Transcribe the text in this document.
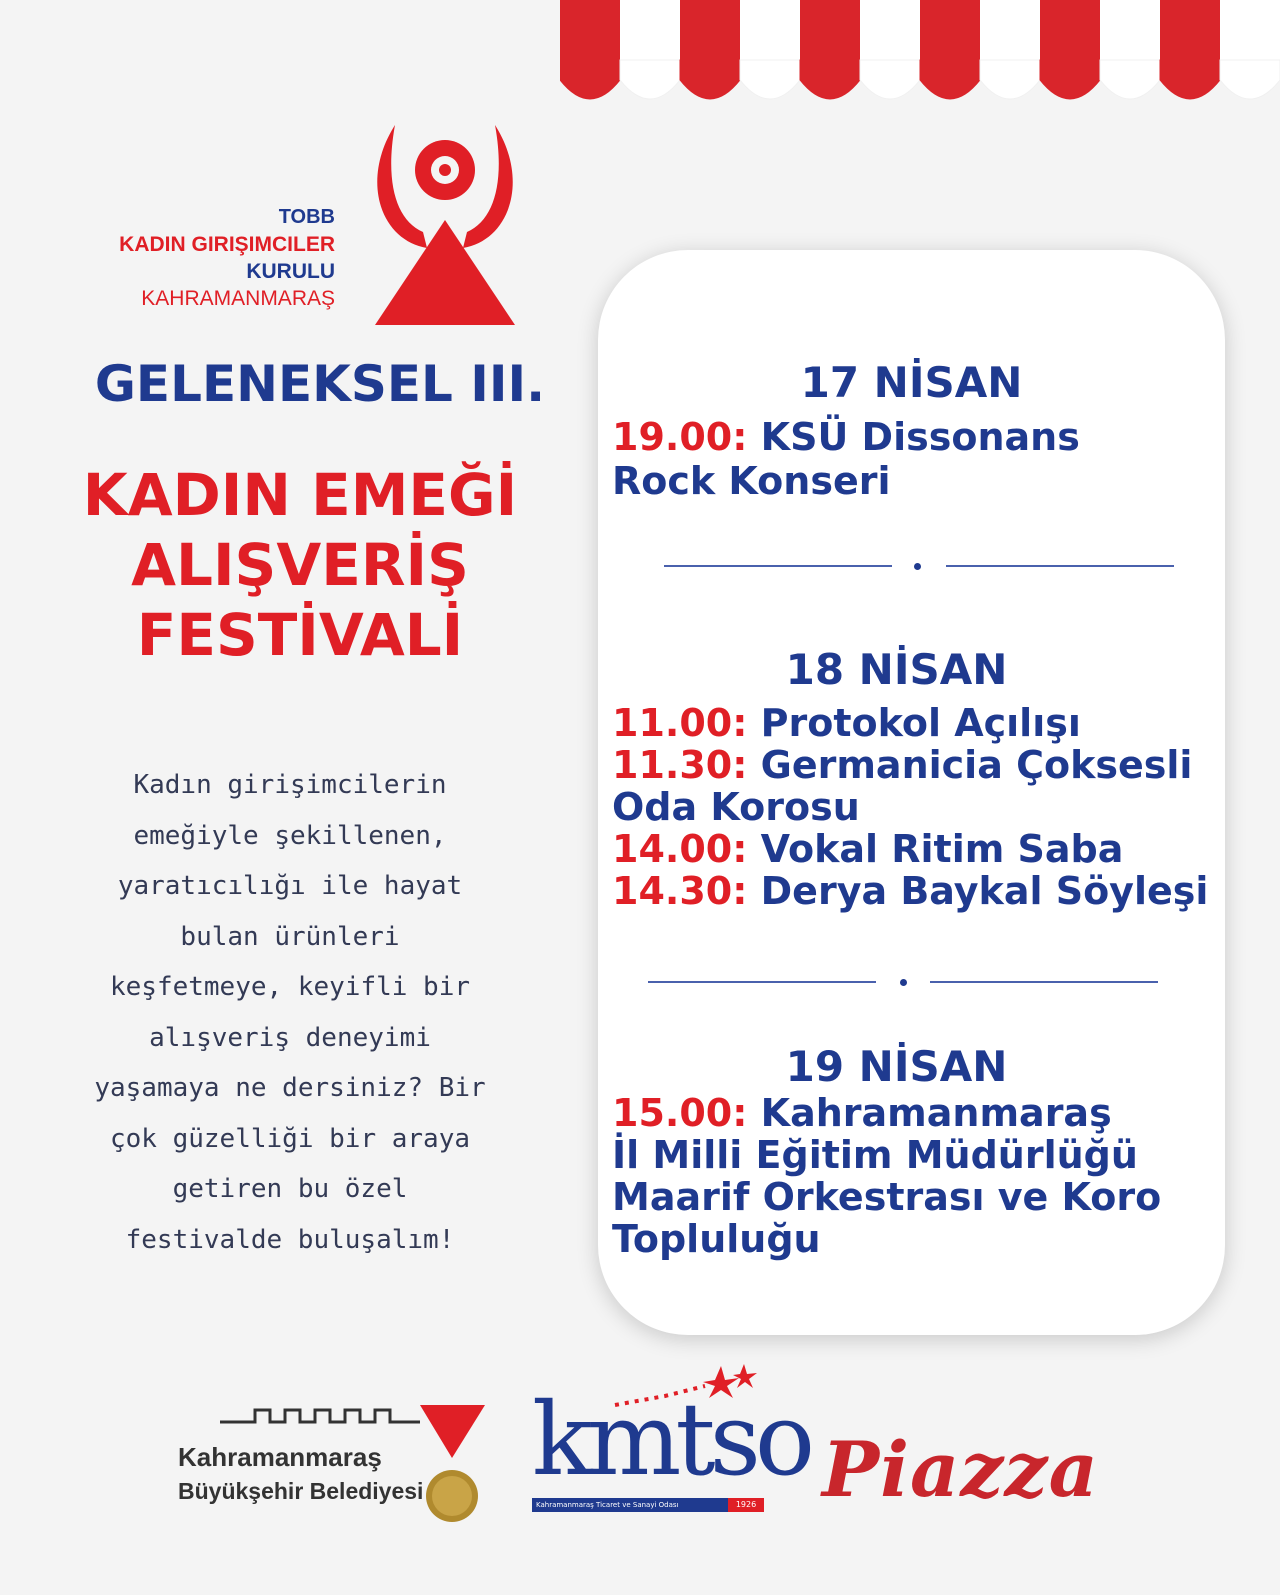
TOBB
KADIN GIRIŞIMCILER
KURULU
KAHRAMANMARAŞ
GELENEKSEL III.
KADIN EMEĞİ
ALIŞVERİŞ
FESTİVALİ
Kadın girişimcilerin
emeğiyle şekillenen,
yaratıcılığı ile hayat
bulan ürünleri
keşfetmeye, keyifli bir
alışveriş deneyimi
yaşamaya ne dersiniz? Bir
çok güzelliği bir araya
getiren bu özel
festivalde buluşalım!
17 NİSAN
19.00: KSÜ Dissonans
Rock Konseri
18 NİSAN
11.00: Protokol Açılışı
11.30: Germanicia Çoksesli
Oda Korosu
14.00: Vokal Ritim Saba
14.30: Derya Baykal Söyleşi
19 NİSAN
15.00: Kahramanmaraş
İl Milli Eğitim Müdürlüğü
Maarif Orkestrası ve Koro
Topluluğu
Kahramanmaraş
Büyükşehir Belediyesi kmtso
Kahramanmaraş Ticaret ve Sanayi Odası	1926 Piazza
